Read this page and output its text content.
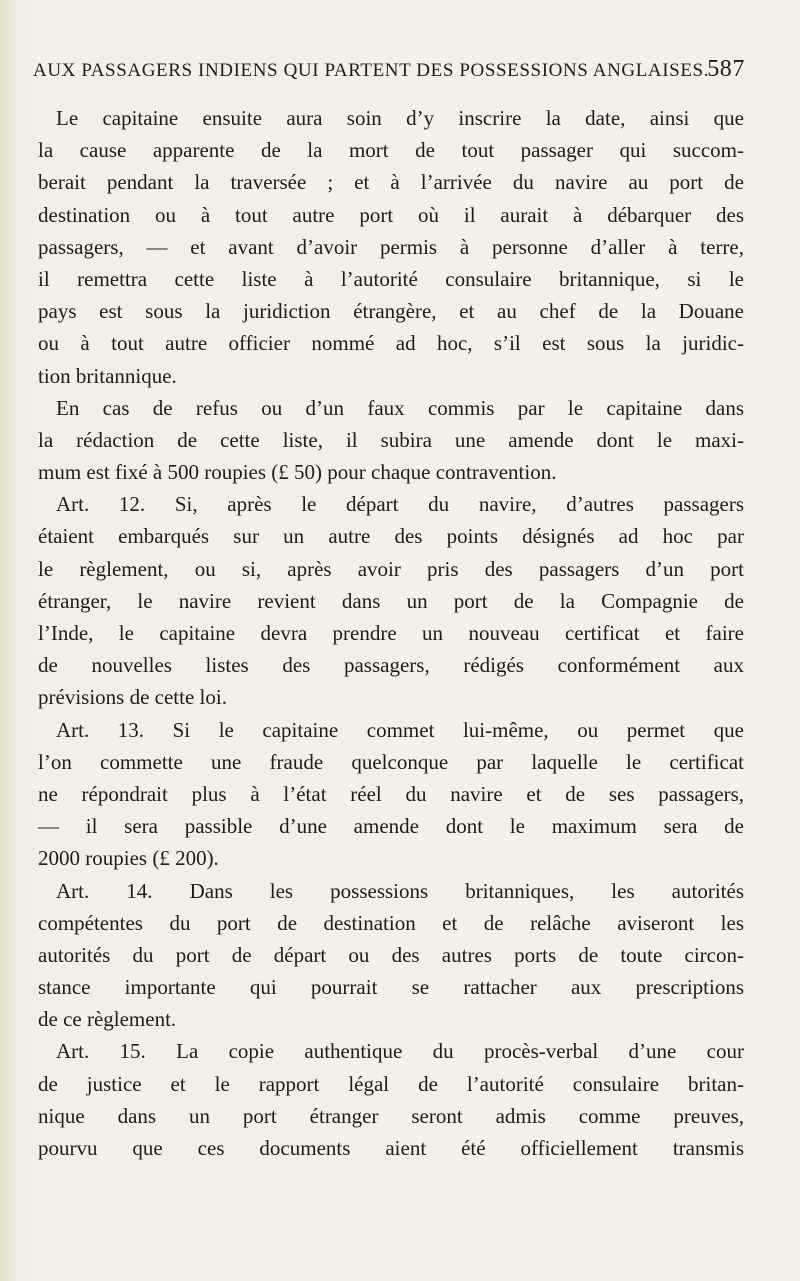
AUX PASSAGERS INDIENS QUI PARTENT DES POSSESSIONS ANGLAISES.
587
Le capitaine ensuite aura soin d’y inscrire la date, ainsi que
la cause apparente de la mort de tout passager qui succom-
berait pendant la traversée ; et à l’arrivée du navire au port de
destination ou à tout autre port où il aurait à débarquer des
passagers, — et avant d’avoir permis à personne d’aller à terre,
il remettra cette liste à l’autorité consulaire britannique, si le
pays est sous la juridiction étrangère, et au chef de la Douane
ou à tout autre officier nommé ad hoc, s’il est sous la juridic-
tion britannique.
En cas de refus ou d’un faux commis par le capitaine dans
la rédaction de cette liste, il subira une amende dont le maxi-
mum est fixé à 500 roupies (£ 50) pour chaque contravention.
Art. 12. Si, après le départ du navire, d’autres passagers
étaient embarqués sur un autre des points désignés ad hoc par
le règlement, ou si, après avoir pris des passagers d’un port
étranger, le navire revient dans un port de la Compagnie de
l’Inde, le capitaine devra prendre un nouveau certificat et faire
de nouvelles listes des passagers, rédigés conformément aux
prévisions de cette loi.
Art. 13. Si le capitaine commet lui-même, ou permet que
l’on commette une fraude quelconque par laquelle le certificat
ne répondrait plus à l’état réel du navire et de ses passagers,
— il sera passible d’une amende dont le maximum sera de
2000 roupies (£ 200).
Art. 14. Dans les possessions britanniques, les autorités
compétentes du port de destination et de relâche aviseront les
autorités du port de départ ou des autres ports de toute circon-
stance importante qui pourrait se rattacher aux prescriptions
de ce règlement.
Art. 15. La copie authentique du procès-verbal d’une cour
de justice et le rapport légal de l’autorité consulaire britan-
nique dans un port étranger seront admis comme preuves,
pourvu que ces documents aient été officiellement transmis
